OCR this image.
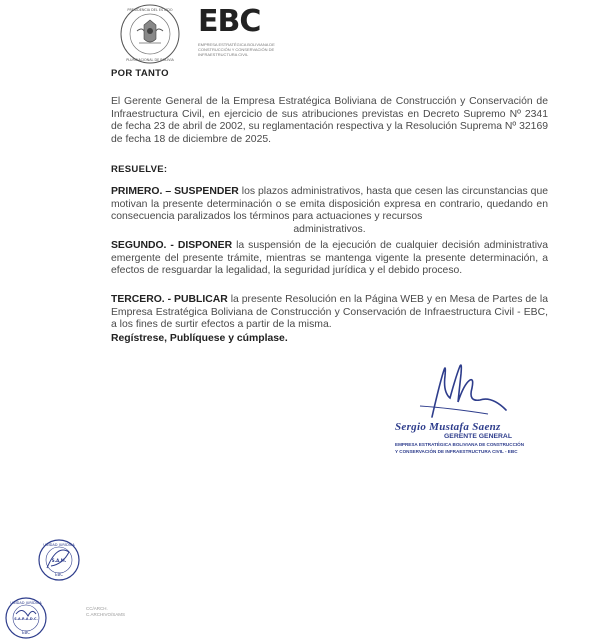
PRESIDENCIA DEL ESTADO
PLURINACIONAL DE BOLIVIA
EBC
EMPRESA ESTRATÉGICA BOLIVIANA DE CONSTRUCCIÓN Y CONSERVACIÓN DE INFRAESTRUCTURA CIVIL
POR TANTO
El Gerente General de la Empresa Estratégica Boliviana de Construcción y Conservación de Infraestructura Civil, en ejercicio de sus atribuciones previstas en Decreto Supremo Nº 2341 de fecha 23 de abril de 2002, su reglamentación respectiva y la Resolución Suprema Nº 32169 de fecha 18 de diciembre de 2025.
RESUELVE:
PRIMERO. – SUSPENDER los plazos administrativos, hasta que cesen las circunstancias que motivan la presente determinación o se emita disposición expresa en contrario, quedando en consecuencia paralizados los términos para actuaciones y recursos
administrativos.
SEGUNDO. - DISPONER la suspensión de la ejecución de cualquier decisión administrativa emergente del presente trámite, mientras se mantenga vigente la presente determinación, a efectos de resguardar la legalidad, la seguridad jurídica y el debido proceso.
TERCERO. - PUBLICAR la presente Resolución en la Página WEB y en Mesa de Partes de la Empresa Estratégica Boliviana de Construcción y Conservación de Infraestructura Civil - EBC, a los fines de surtir efectos a partir de la misma.
Regístrese, Publíquese y cúmplase.
Sergio Mustafa Saenz
GERENTE GENERAL
EMPRESA ESTRATÉGICA BOLIVIANA DE CONSTRUCCIÓN
Y CONSERVACIÓN DE INFRAESTRUCTURA CIVIL - EBC
UNIDAD JURÍDICA
S.A.M.
EBC
UNIDAD JURÍDICA
S.A.R.A.D.C.
EBC
CC/ARCH.
C.ARCHIVO/SAMS
